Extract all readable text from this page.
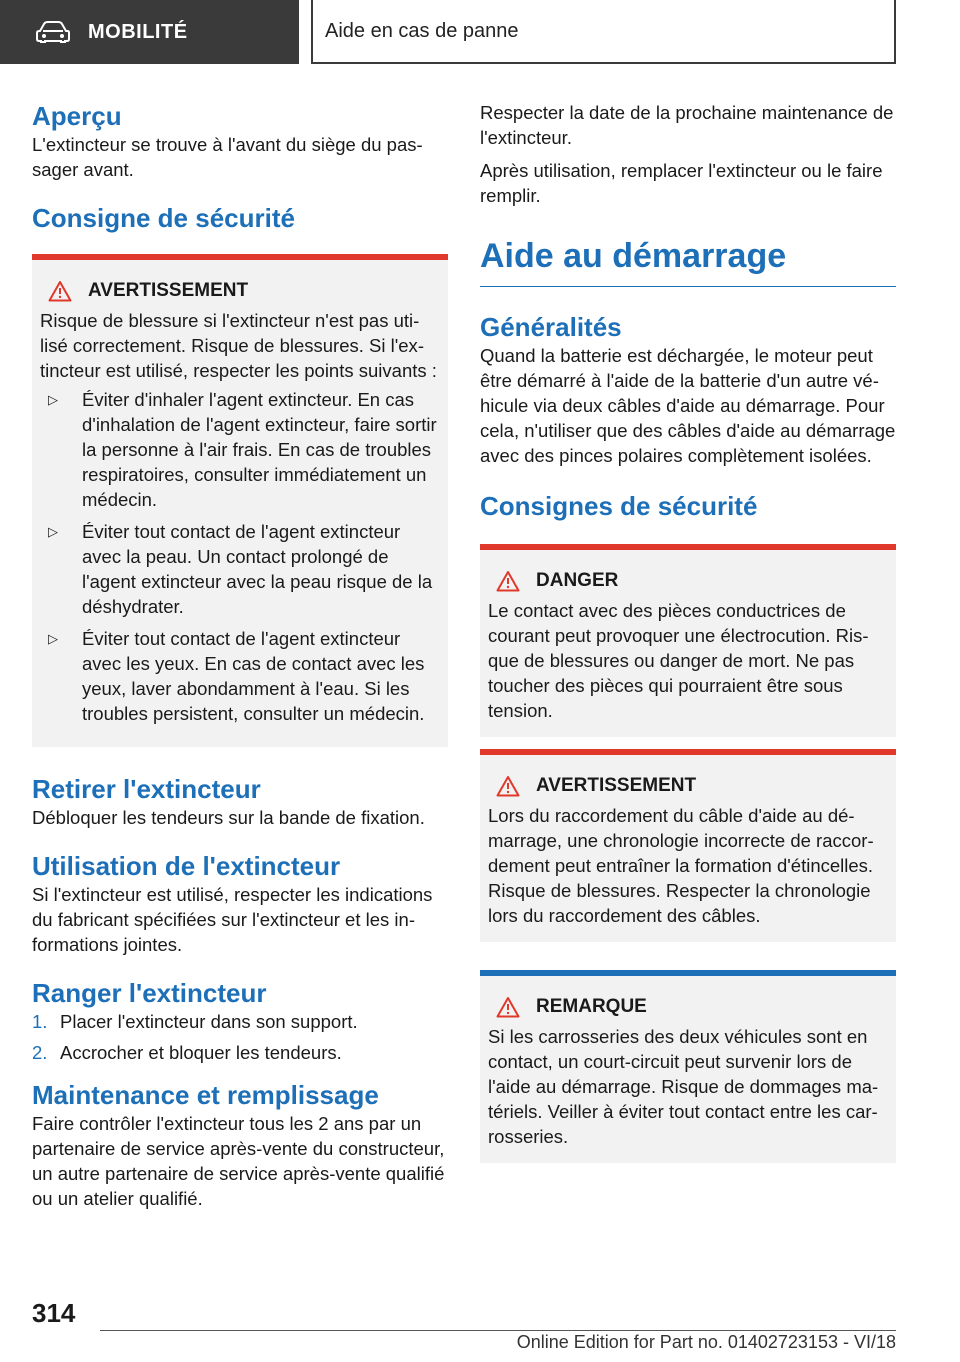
MOBILITÉ	Aide en cas de panne
Aperçu

L'extincteur se trouve à l'avant du siège du passager avant.

Consigne de sécurité
AVERTISSEMENT

Risque de blessure si l'extincteur n'est pas utilisé correctement. Risque de blessures. Si l'extincteur est utilisé, respecter les points suivants :

▷ Éviter d'inhaler l'agent extincteur. En cas d'inhalation de l'agent extincteur, faire sortir la personne à l'air frais. En cas de troubles respiratoires, consulter immédiatement un médecin.
▷ Éviter tout contact de l'agent extincteur avec la peau. Un contact prolongé de l'agent extincteur avec la peau risque de la déshydrater.
▷ Éviter tout contact de l'agent extincteur avec les yeux. En cas de contact avec les yeux, laver abondamment à l'eau. Si les troubles persistent, consulter un médecin.
Retirer l'extincteur

Débloquer les tendeurs sur la bande de fixation.

Utilisation de l'extincteur

Si l'extincteur est utilisé, respecter les indications du fabricant spécifiées sur l'extincteur et les informations jointes.

Ranger l'extincteur
1. Placer l'extincteur dans son support.
2. Accrocher et bloquer les tendeurs.
Maintenance et remplissage

Faire contrôler l'extincteur tous les 2 ans par un partenaire de service après-vente du constructeur, un autre partenaire de service après-vente qualifié ou un atelier qualifié.

Respecter la date de la prochaine maintenance de l'extincteur.

Après utilisation, remplacer l'extincteur ou le faire remplir.

Aide au démarrage
Généralités

Quand la batterie est déchargée, le moteur peut être démarré à l'aide de la batterie d'un autre véhicule via deux câbles d'aide au démarrage. Pour cela, n'utiliser que des câbles d'aide au démarrage avec des pinces polaires complètement isolées.

Consignes de sécurité
DANGER

Le contact avec des pièces conductrices de courant peut provoquer une électrocution. Risque de blessures ou danger de mort. Ne pas toucher des pièces qui pourraient être sous tension.

AVERTISSEMENT

Lors du raccordement du câble d'aide au démarrage, une chronologie incorrecte de raccordement peut entraîner la formation d'étincelles. Risque de blessures. Respecter la chronologie lors du raccordement des câbles.

REMARQUE

Si les carrosseries des deux véhicules sont en contact, un court-circuit peut survenir lors de l'aide au démarrage. Risque de dommages matériels. Veiller à éviter tout contact entre les carrosseries.

314
Online Edition for Part no. 01402723153 - VI/18
